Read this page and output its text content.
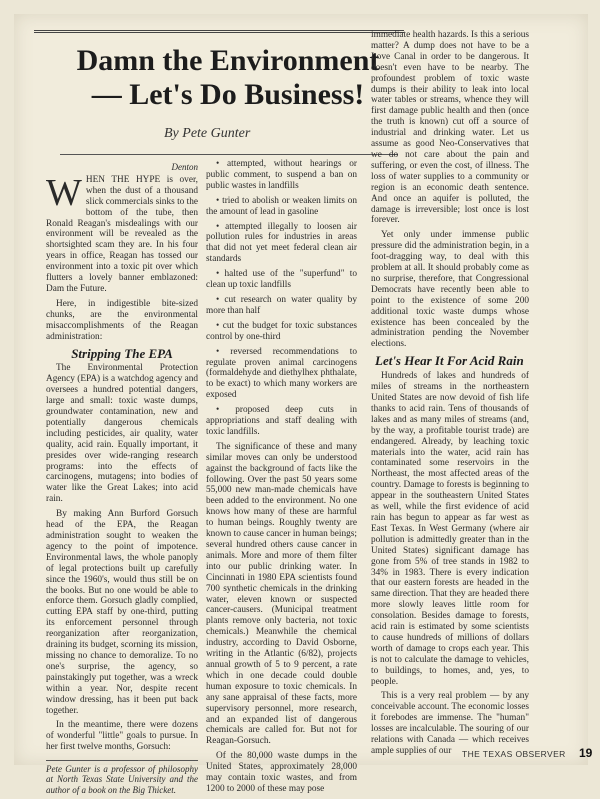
Damn the Environment — Let's Do Business!
By Pete Gunter

Denton

WHEN THE HYPE is over, when the dust of a thousand slick commercials sinks to the bottom of the tube, then Ronald Reagan's misdealings with our environment will be revealed as the shortsighted scam they are. In his four years in office, Reagan has tossed our environment into a toxic pit over which flutters a lovely banner emblazoned: Dam the Future.

Here, in indigestible bite-sized chunks, are the environmental misaccomplishments of the Reagan administration:

Stripping The EPA

The Environmental Protection Agency (EPA) is a watchdog agency and oversees a hundred potential dangers, large and small: toxic waste dumps, groundwater contamination, new and potentially dangerous chemicals including pesticides, air quality, water quality, acid rain. Equally important, it presides over wide-ranging research programs: into the effects of carcinogens, mutagens; into bodies of water like the Great Lakes; into acid rain.

By making Ann Burford Gorsuch head of the EPA, the Reagan administration sought to weaken the agency to the point of impotence. Environmental laws, the whole panoply of legal protections built up carefully since the 1960's, would thus still be on the books. But no one would be able to enforce them. Gorsuch gladly complied, cutting EPA staff by one-third, putting its enforcement personnel through reorganization after reorganization, draining its budget, scorning its mission, missing no chance to demoralize. To no one's surprise, the agency, so painstakingly put together, was a wreck within a year. Nor, despite recent window dressing, has it been put back together.

In the meantime, there were dozens of wonderful "little" goals to pursue. In her first twelve months, Gorsuch:

Pete Gunter is a professor of philosophy at North Texas State University and the author of a book on the Big Thicket.

• attempted, without hearings or public comment, to suspend a ban on public wastes in landfills

• tried to abolish or weaken limits on the amount of lead in gasoline

• attempted illegally to loosen air pollution rules for industries in areas that did not yet meet federal clean air standards

• halted use of the "superfund" to clean up toxic landfills

• cut research on water quality by more than half

• cut the budget for toxic substances control by one-third

• reversed recommendations to regulate proven animal carcinogens (formaldehyde and diethylhex phthalate, to be exact) to which many workers are exposed

• proposed deep cuts in appropriations and staff dealing with toxic landfills.

The significance of these and many similar moves can only be understood against the background of facts like the following. Over the past 50 years some 55,000 new man-made chemicals have been added to the environment. No one knows how many of these are harmful to human beings. Roughly twenty are known to cause cancer in human beings; several hundred others cause cancer in animals. More and more of them filter into our public drinking water. In Cincinnati in 1980 EPA scientists found 700 synthetic chemicals in the drinking water, eleven known or suspected cancer-causers. (Municipal treatment plants remove only bacteria, not toxic chemicals.) Meanwhile the chemical industry, according to David Osborne, writing in the Atlantic (6/82), projects annual growth of 5 to 9 percent, a rate which in one decade could double human exposure to toxic chemicals. In any sane appraisal of these facts, more supervisory personnel, more research, and an expanded list of dangerous chemicals are called for. But not for Reagan-Gorsuch.

Of the 80,000 waste dumps in the United States, approximately 28,000 may contain toxic wastes, and from 1200 to 2000 of these may pose

immediate health hazards. Is this a serious matter? A dump does not have to be a Love Canal in order to be dangerous. It doesn't even have to be nearby. The profoundest problem of toxic waste dumps is their ability to leak into local water tables or streams, whence they will first damage public health and then (once the truth is known) cut off a source of industrial and drinking water. Let us assume as good Neo-Conservatives that we do not care about the pain and suffering, or even the cost, of illness. The loss of water supplies to a community or region is an economic death sentence. And once an aquifer is polluted, the damage is irreversible; lost once is lost forever.

Yet only under immense public pressure did the administration begin, in a foot-dragging way, to deal with this problem at all. It should probably come as no surprise, therefore, that Congressional Democrats have recently been able to point to the existence of some 200 additional toxic waste dumps whose existence has been concealed by the administration pending the November elections.

Let's Hear It For Acid Rain

Hundreds of lakes and hundreds of miles of streams in the northeastern United States are now devoid of fish life thanks to acid rain. Tens of thousands of lakes and as many miles of streams (and, by the way, a profitable tourist trade) are endangered. Already, by leaching toxic materials into the water, acid rain has contaminated some reservoirs in the Northeast, the most affected areas of the country. Damage to forests is beginning to appear in the southeastern United States as well, while the first evidence of acid rain has begun to appear as far west as East Texas. In West Germany (where air pollution is admittedly greater than in the United States) significant damage has gone from 5% of tree stands in 1982 to 34% in 1983. There is every indication that our eastern forests are headed in the same direction. That they are headed there more slowly leaves little room for consolation. Besides damage to forests, acid rain is estimated by some scientists to cause hundreds of millions of dollars worth of damage to crops each year. This is not to calculate the damage to vehicles, to buildings, to homes, and, yes, to people.

This is a very real problem — by any conceivable account. The economic losses it forebodes are immense. The "human" losses are incalculable. The souring of our relations with Canada — which receives ample supplies of our	THE TEXAS OBSERVER 19
